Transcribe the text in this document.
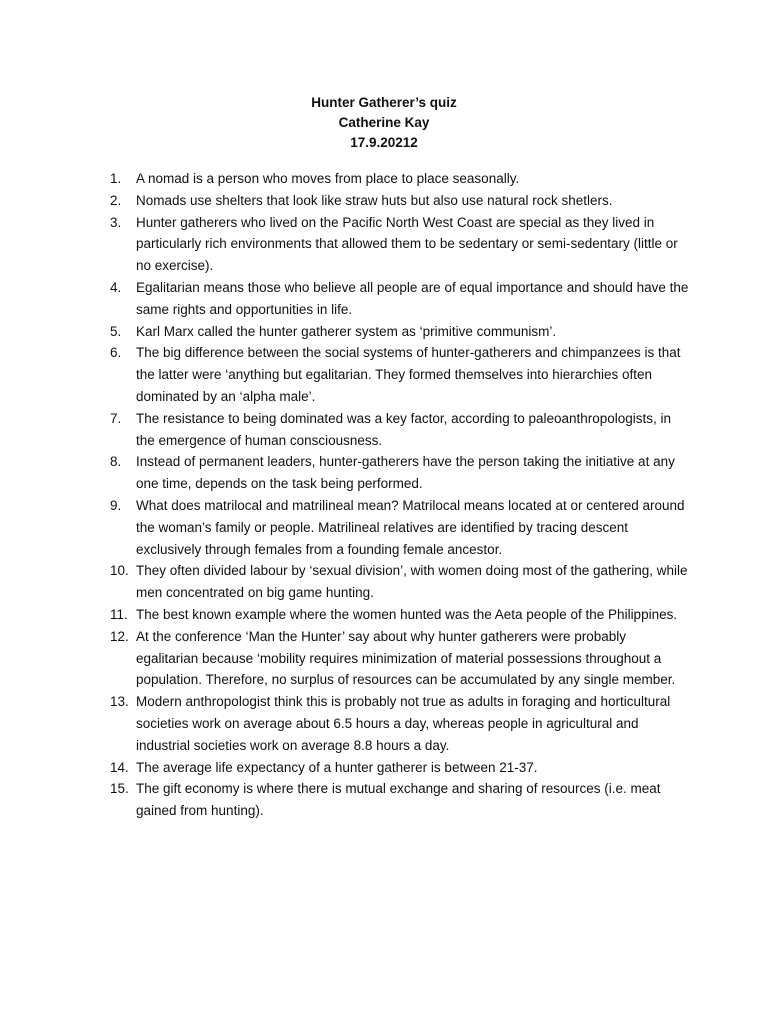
Hunter Gatherer’s quiz
Catherine Kay
17.9.20212
1. A nomad is a person who moves from place to place seasonally.
2. Nomads use shelters that look like straw huts but also use natural rock shetlers.
3. Hunter gatherers who lived on the Pacific North West Coast are special as they lived in particularly rich environments that allowed them to be sedentary or semi-sedentary (little or no exercise).
4. Egalitarian means those who believe all people are of equal importance and should have the same rights and opportunities in life.
5. Karl Marx called the hunter gatherer system as ‘primitive communism’.
6. The big difference between the social systems of hunter-gatherers and chimpanzees is that the latter were ‘anything but egalitarian. They formed themselves into hierarchies often dominated by an ‘alpha male’.
7. The resistance to being dominated was a key factor, according to paleoanthropologists, in the emergence of human consciousness.
8. Instead of permanent leaders, hunter-gatherers have the person taking the initiative at any one time, depends on the task being performed.
9. What does matrilocal and matrilineal mean? Matrilocal means located at or centered around the woman’s family or people. Matrilineal relatives are identified by tracing descent exclusively through females from a founding female ancestor.
10. They often divided labour by ‘sexual division’, with women doing most of the gathering, while men concentrated on big game hunting.
11. The best known example where the women hunted was the Aeta people of the Philippines.
12. At the conference ‘Man the Hunter’ say about why hunter gatherers were probably egalitarian because ‘mobility requires minimization of material possessions throughout a population. Therefore, no surplus of resources can be accumulated by any single member.
13. Modern anthropologist think this is probably not true as adults in foraging and horticultural societies work on average about 6.5 hours a day, whereas people in agricultural and industrial societies work on average 8.8 hours a day.
14. The average life expectancy of a hunter gatherer is between 21-37.
15. The gift economy is where there is mutual exchange and sharing of resources (i.e. meat gained from hunting).
